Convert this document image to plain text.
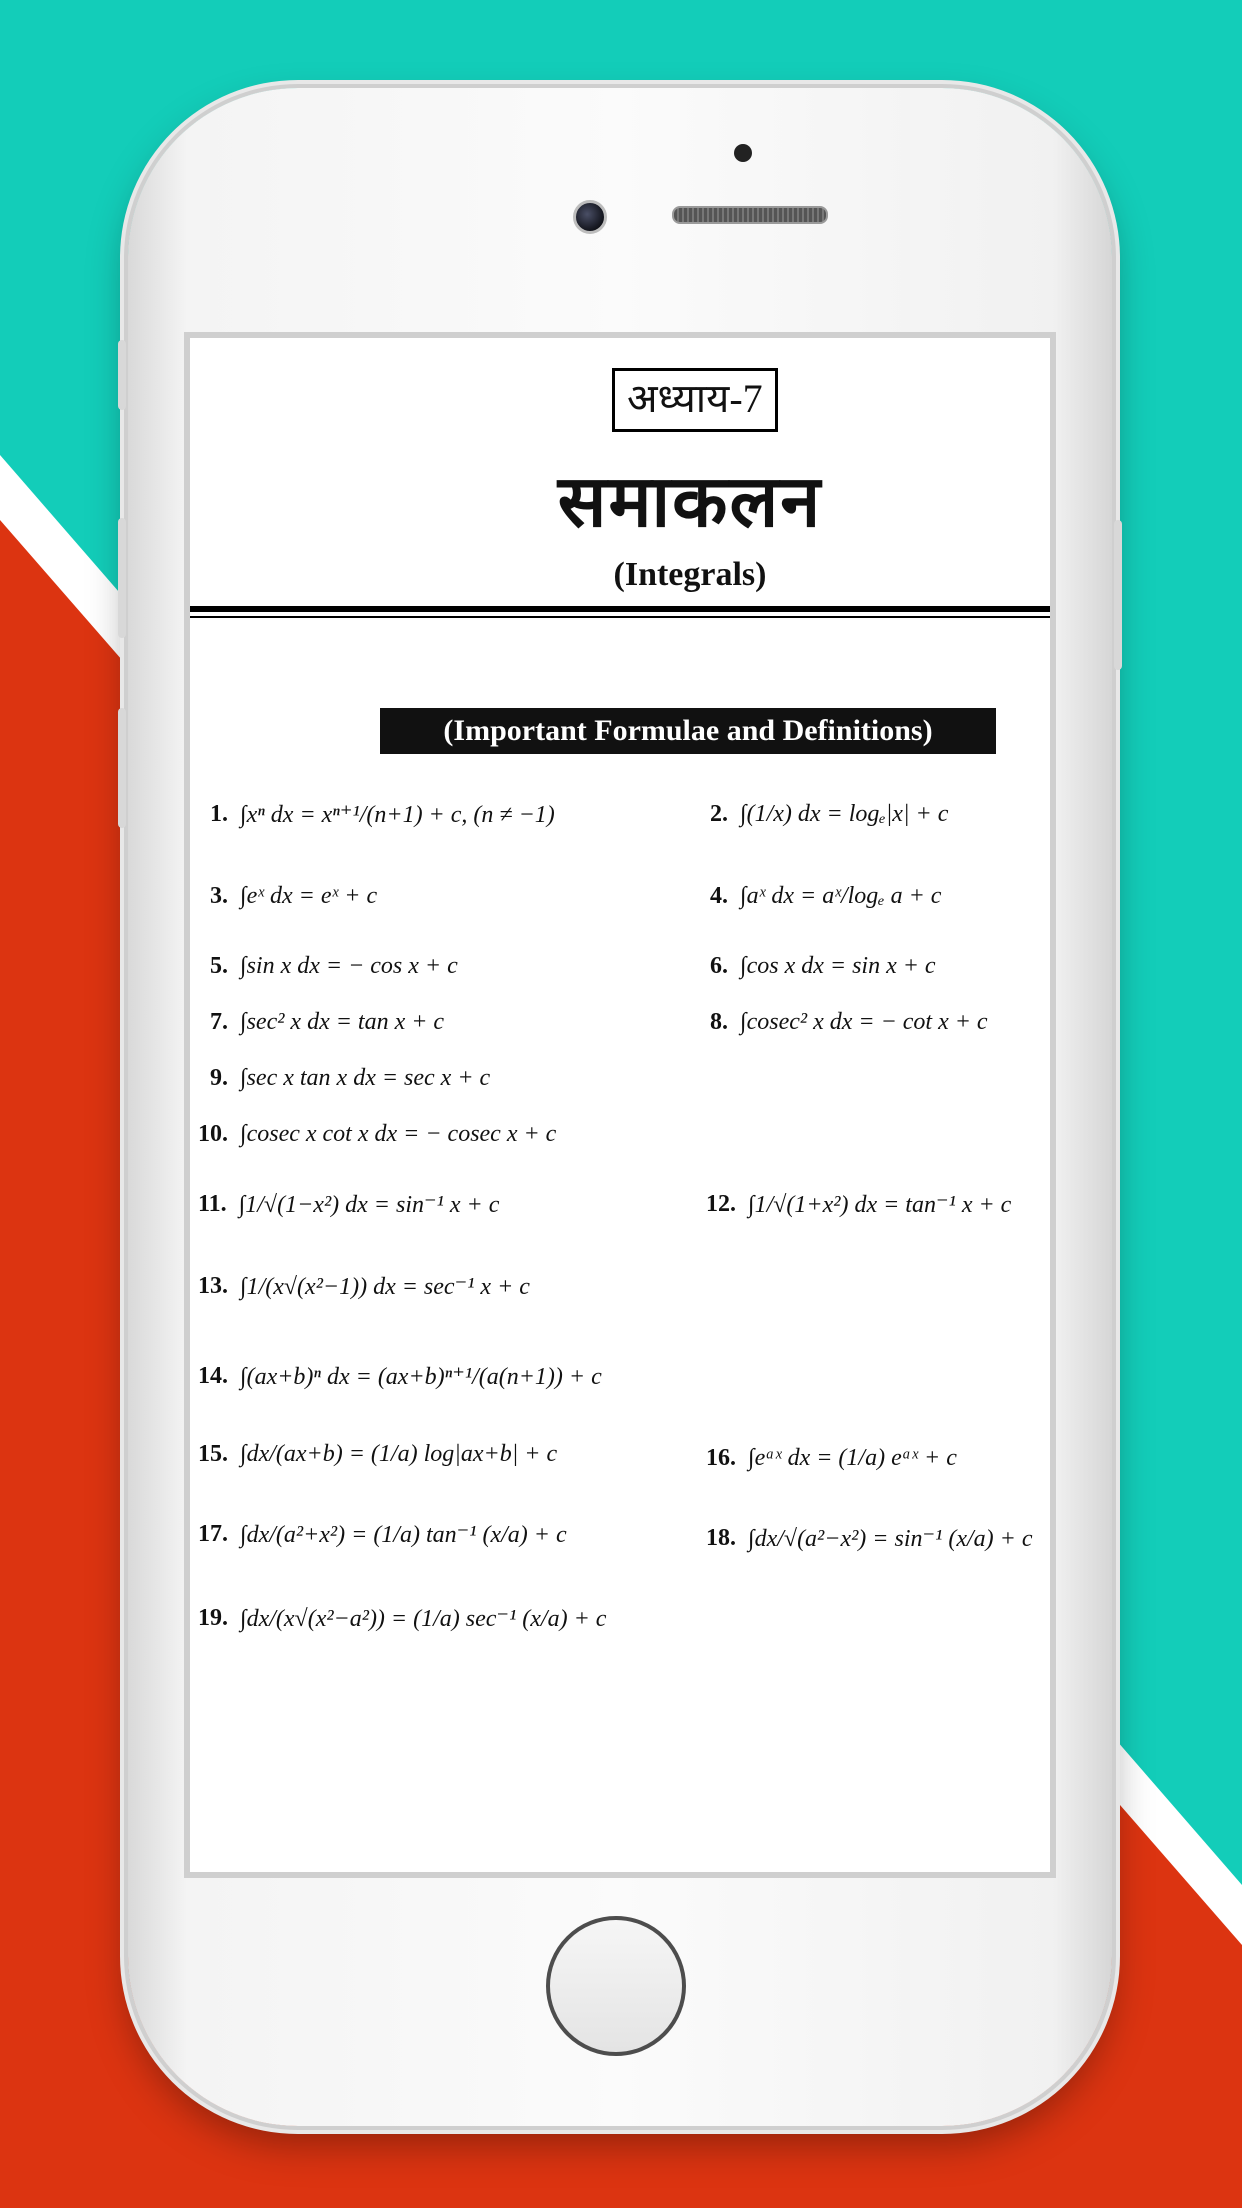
अध्याय-7
समाकलन
(Integrals)
(Important Formulae and Definitions)
1. ∫xⁿ dx = xⁿ⁺¹/(n+1) + c, (n ≠ −1)	2. ∫(1/x) dx = logₑ|x| + c
3. ∫eˣ dx = eˣ + c	4. ∫aˣ dx = aˣ/logₑ a + c
5. ∫sin x dx = − cos x + c	6. ∫cos x dx = sin x + c
7. ∫sec² x dx = tan x + c	8. ∫cosec² x dx = − cot x + c
9. ∫sec x tan x dx = sec x + c
10. ∫cosec x cot x dx = − cosec x + c
11. ∫1/√(1−x²) dx = sin⁻¹ x + c	12. ∫1/√(1+x²) dx = tan⁻¹ x + c
13. ∫1/(x√(x²−1)) dx = sec⁻¹ x + c
14. ∫(ax+b)ⁿ dx = (ax+b)ⁿ⁺¹/(a(n+1)) + c
15. ∫dx/(ax+b) = (1/a) log|ax+b| + c	16. ∫eᵃˣ dx = (1/a) eᵃˣ + c
17. ∫dx/(a²+x²) = (1/a) tan⁻¹ (x/a) + c	18. ∫dx/√(a²−x²) = sin⁻¹ (x/a) + c
19. ∫dx/(x√(x²−a²)) = (1/a) sec⁻¹ (x/a) + c
